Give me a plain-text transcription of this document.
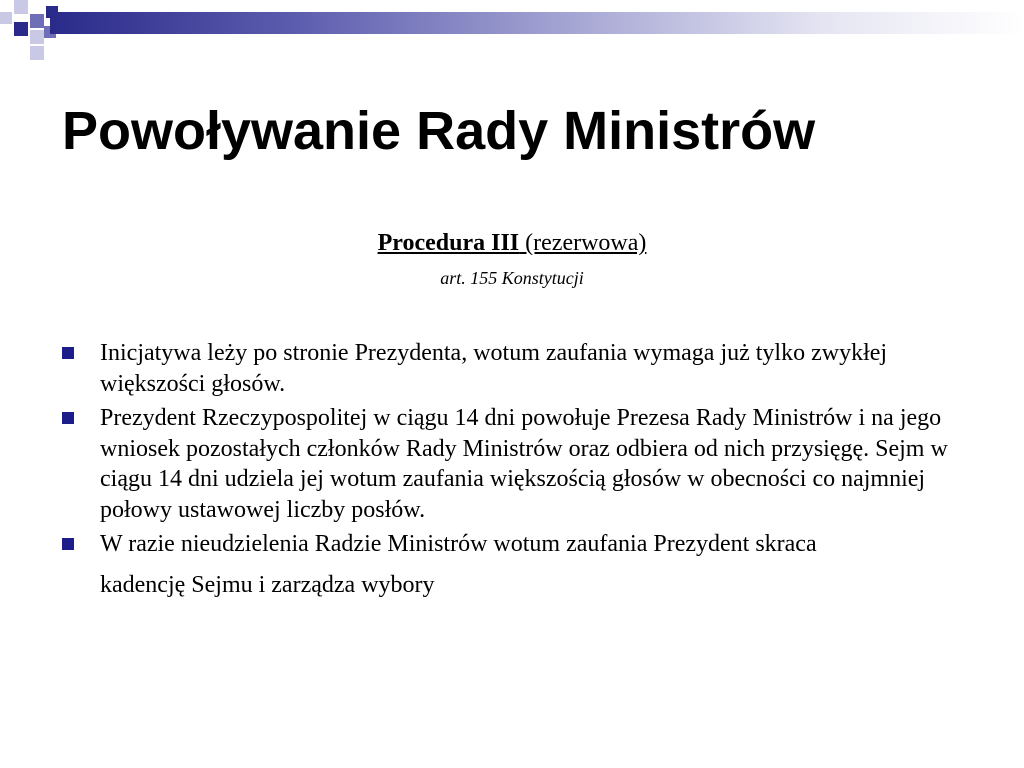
Powoływanie Rady Ministrów
Procedura III (rezerwowa)
art. 155 Konstytucji
Inicjatywa leży po stronie Prezydenta, wotum zaufania wymaga już tylko zwykłej większości głosów.
Prezydent Rzeczypospolitej w ciągu 14 dni powołuje Prezesa Rady Ministrów i na jego wniosek pozostałych członków Rady Ministrów oraz odbiera od nich przysięgę. Sejm w ciągu 14 dni udziela jej wotum zaufania większością głosów w obecności co najmniej połowy ustawowej liczby posłów.
W razie nieudzielenia Radzie Ministrów wotum zaufania Prezydent skraca
kadencję Sejmu i zarządza wybory
